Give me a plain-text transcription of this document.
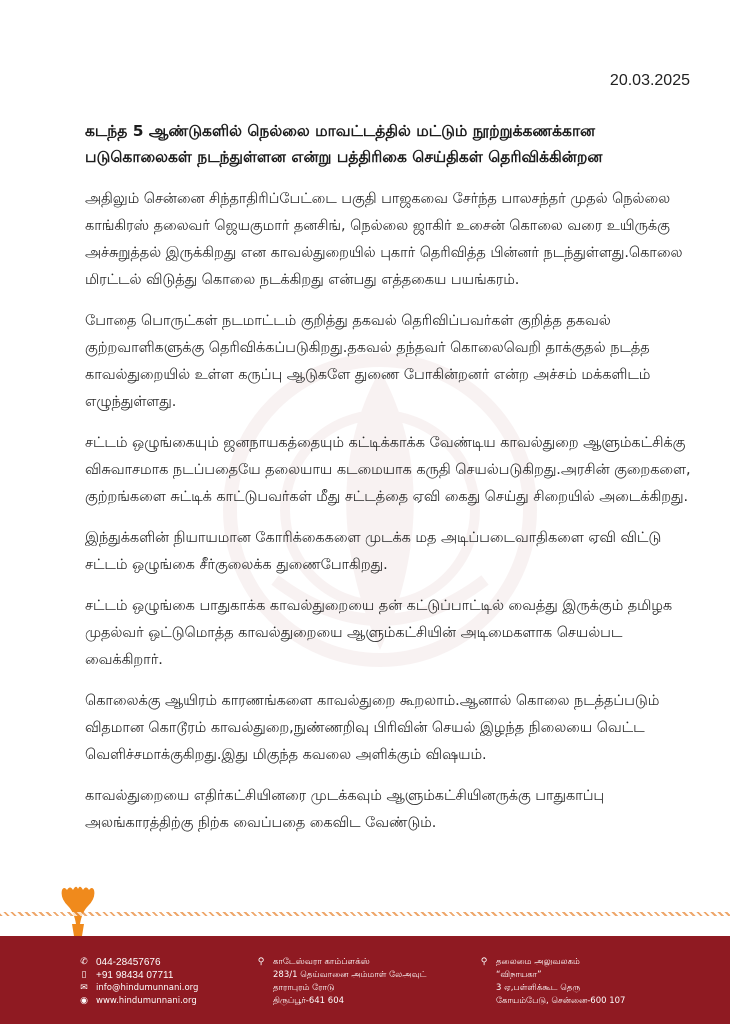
20.03.2025

கடந்த 5 ஆண்டுகளில் நெல்லை மாவட்டத்தில் மட்டும் நூற்றுக்கணக்கான படுகொலைகள் நடந்துள்ளன என்று பத்திரிகை செய்திகள் தெரிவிக்கின்றன

அதிலும் சென்னை சிந்தாதிரிப்பேட்டை பகுதி பாஜகவை சேர்ந்த பாலசந்தர் முதல் நெல்லை காங்கிரஸ் தலைவர் ஜெயகுமார் தனசிங், நெல்லை ஜாகிர் உசைன் கொலை வரை உயிருக்கு அச்சுறுத்தல் இருக்கிறது என காவல்துறையில் புகார் தெரிவித்த பின்னர் நடந்துள்ளது.கொலை மிரட்டல் விடுத்து கொலை நடக்கிறது என்பது எத்தகைய பயங்கரம்.

போதை பொருட்கள் நடமாட்டம் குறித்து தகவல் தெரிவிப்பவர்கள் குறித்த தகவல் குற்றவாளிகளுக்கு தெரிவிக்கப்படுகிறது.தகவல் தந்தவர் கொலைவெறி தாக்குதல் நடத்த காவல்துறையில் உள்ள கருப்பு ஆடுகளே துணை போகின்றனர் என்ற அச்சம் மக்களிடம் எழுந்துள்ளது.

சட்டம் ஒழுங்கையும் ஜனநாயகத்தையும் கட்டிக்காக்க வேண்டிய காவல்துறை ஆளும்கட்சிக்கு விசுவாசமாக நடப்பதையே தலையாய கடமையாக கருதி செயல்படுகிறது.அரசின் குறைகளை, குற்றங்களை சுட்டிக் காட்டுபவர்கள் மீது சட்டத்தை ஏவி கைது செய்து சிறையில் அடைக்கிறது.

இந்துக்களின் நியாயமான கோரிக்கைகளை முடக்க மத அடிப்படைவாதிகளை ஏவி விட்டு சட்டம் ஒழுங்கை சீர்குலைக்க துணைபோகிறது.

சட்டம் ஒழுங்கை பாதுகாக்க காவல்துறையை தன் கட்டுப்பாட்டில் வைத்து இருக்கும் தமிழக முதல்வர் ஒட்டுமொத்த காவல்துறையை ஆளும்கட்சியின் அடிமைகளாக செயல்பட வைக்கிறார்.

கொலைக்கு ஆயிரம் காரணங்களை காவல்துறை கூறலாம்.ஆனால் கொலை நடத்தப்படும் விதமான கொடூரம் காவல்துறை,நுண்ணறிவு பிரிவின் செயல் இழந்த நிலையை வெட்ட வெளிச்சமாக்குகிறது.இது மிகுந்த கவலை அளிக்கும் விஷயம்.

காவல்துறையை எதிர்கட்சியினரை முடக்கவும் ஆளும்கட்சியினருக்கு பாதுகாப்பு அலங்காரத்திற்கு நிற்க வைப்பதை கைவிட வேண்டும்.

✆ 044-28457676
▯ +91 98434 07711
✉ info@hindumunnani.org
◉ www.hindumunnani.org
⚲	காடேஸ்வரா காம்ப்ளக்ஸ்
283/1 தெய்வானை அம்மாள் லேஅவுட்
தாராபுரம் ரோடு
திருப்பூர்-641 604
⚲	தலைமை அலுவலகம்
“விநாயகா”
3 ஏ,பள்ளிக்கூட தெரு
கோயம்பேடு, சென்னை-600 107
